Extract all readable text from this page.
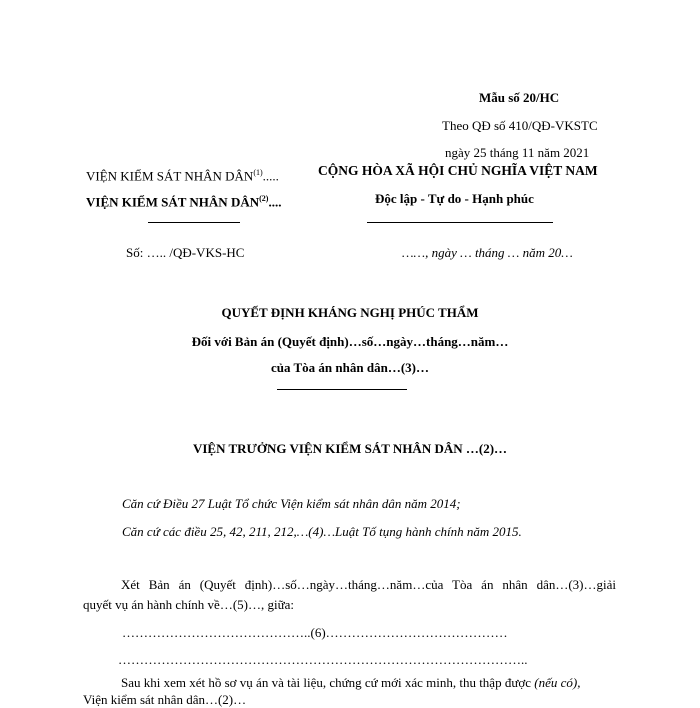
Mẫu số 20/HC
Theo QĐ số 410/QĐ-VKSTC
ngày 25 tháng 11 năm 2021
VIỆN KIỂM SÁT NHÂN DÂN$^{(1)}$.....
VIỆN KIỂM SÁT NHÂN DÂN$^{(2)}$....
Số: ….. /QĐ-VKS-HC
CỘNG HÒA XÃ HỘI CHỦ NGHĨA VIỆT NAM
Độc lập - Tự do - Hạnh phúc
……, ngày … tháng … năm 20…
QUYẾT ĐỊNH KHÁNG NGHỊ PHÚC THẨM
Đối với Bản án (Quyết định)…số…ngày…tháng…năm…
của Tòa án nhân dân…(3)…
VIỆN TRƯỞNG VIỆN KIỂM SÁT NHÂN DÂN …(2)…
Căn cứ Điều 27 Luật Tổ chức Viện kiểm sát nhân dân năm 2014;
Căn cứ các điều 25, 42, 211, 212,…(4)…Luật Tố tụng hành chính năm 2015.
Xét Bản án (Quyết định)…số…ngày…tháng…năm…của Tòa án nhân dân…(3)…giải
quyết vụ án hành chính về…(5)…, giữa:
……………………………………..(6)……………………………………
…………………………………………………………………………………..
Sau khi xem xét hồ sơ vụ án và tài liệu, chứng cứ mới xác minh, thu thập được (nếu có),
Viện kiểm sát nhân dân…(2)…
